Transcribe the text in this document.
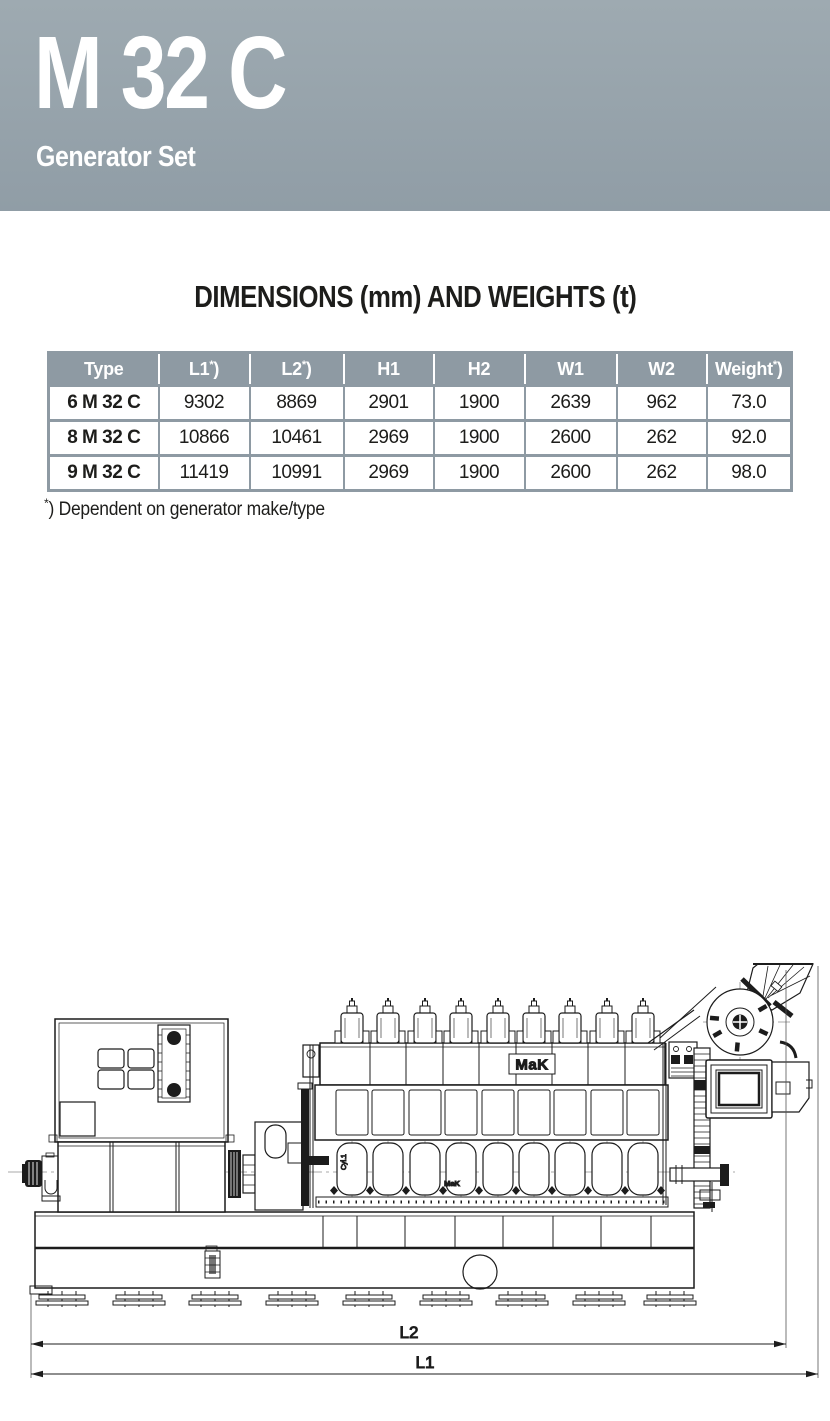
M 32 C
Generator Set
DIMENSIONS (mm) AND WEIGHTS (t)
Type	L1*)	L2*)	H1	H2	W1	W2	Weight*)
6 M 32 C	9302	8869	2901	1900	2639	962	73.0
8 M 32 C	10866	10461	2969	1900	2600	262	92.0
9 M 32 C	11419	10991	2969	1900	2600	262	98.0
*) Dependent on generator make/type
MaK
MaK
Cyl.1
L2
L1
